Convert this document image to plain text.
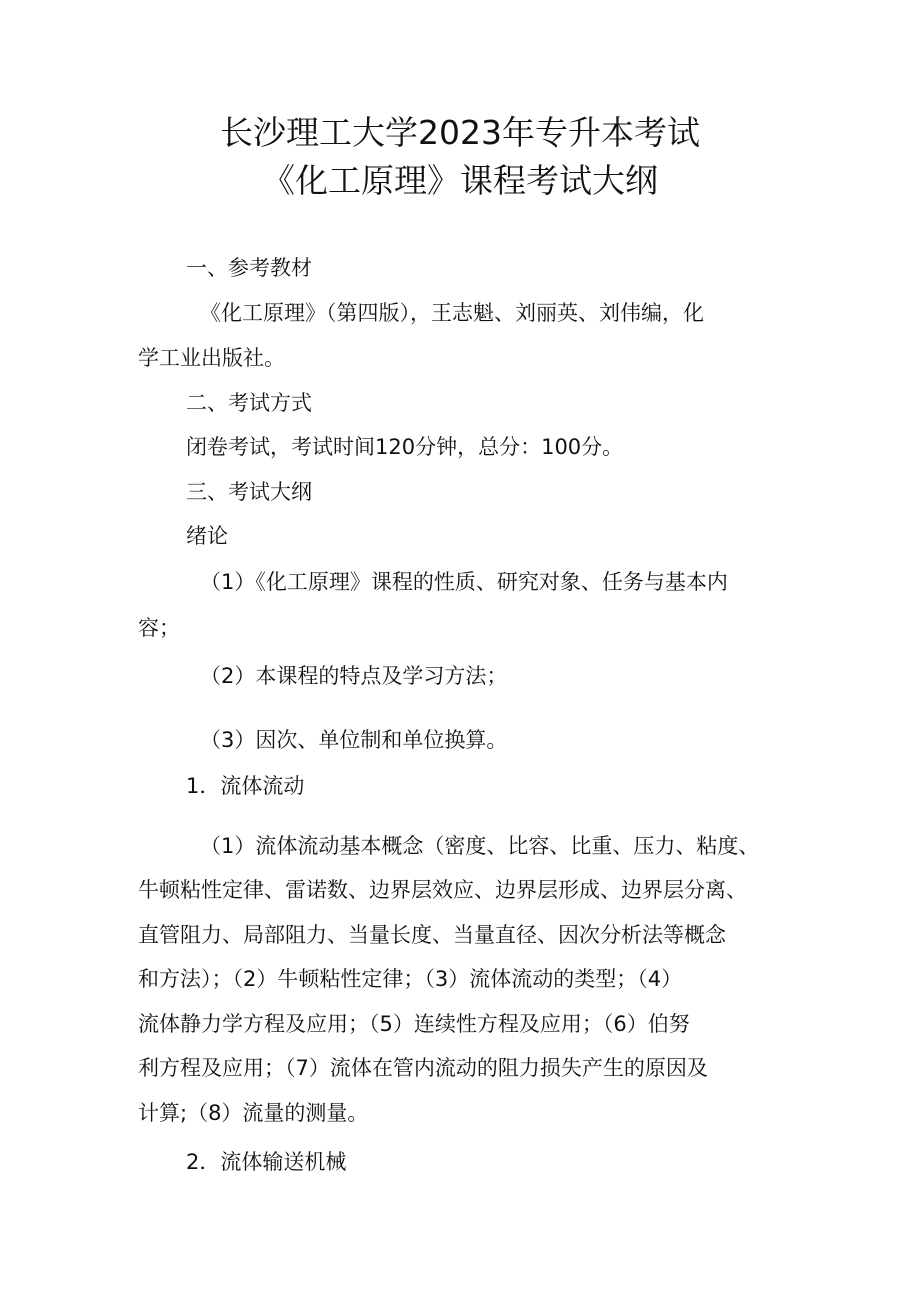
长沙理工大学2023年专升本考试
《化工原理》课程考试大纲
一、参考教材
《化工原理》（第四版），王志魁、刘丽英、刘伟编，化
学工业出版社。
二、考试方式
闭卷考试，考试时间120分钟，总分：100分。
三、考试大纲
绪论
（1）《化工原理》课程的性质、研究对象、任务与基本内
容；
（2）本课程的特点及学习方法；
（3）因次、单位制和单位换算。
1．流体流动
（1）流体流动基本概念（密度、比容、比重、压力、粘度、
牛顿粘性定律、雷诺数、边界层效应、边界层形成、边界层分离、
直管阻力、局部阻力、当量长度、当量直径、因次分析法等概念
和方法）；（2）牛顿粘性定律；（3）流体流动的类型；（4）
流体静力学方程及应用；（5）连续性方程及应用；（6）伯努
利方程及应用；（7）流体在管内流动的阻力损失产生的原因及
计算;（8）流量的测量。
2．流体输送机械
